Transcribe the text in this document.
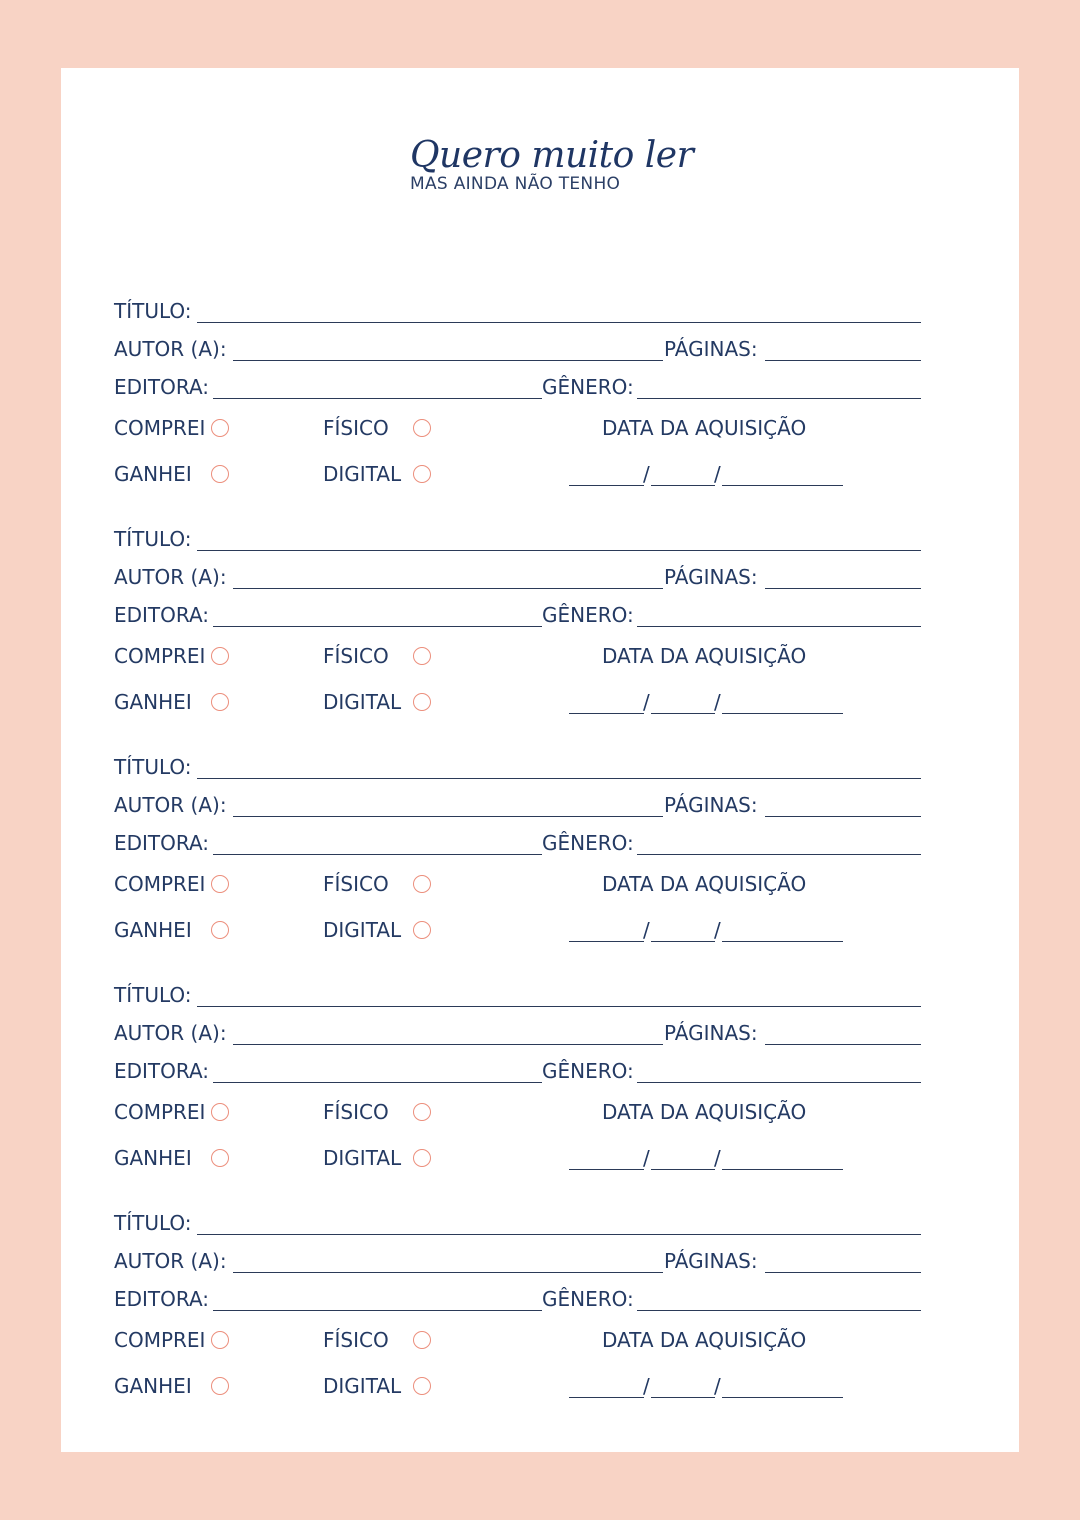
Quero muito ler
MAS AINDA NÃO TENHO
TÍTULO:
AUTOR (A):	PÁGINAS:
EDITORA:	GÊNERO:
COMPREI	FÍSICO	DATA DA AQUISIÇÃO
GANHEI	DIGITAL	/	/
TÍTULO:
AUTOR (A):	PÁGINAS:
EDITORA:	GÊNERO:
COMPREI	FÍSICO	DATA DA AQUISIÇÃO
GANHEI	DIGITAL	/	/
TÍTULO:
AUTOR (A):	PÁGINAS:
EDITORA:	GÊNERO:
COMPREI	FÍSICO	DATA DA AQUISIÇÃO
GANHEI	DIGITAL	/	/
TÍTULO:
AUTOR (A):	PÁGINAS:
EDITORA:	GÊNERO:
COMPREI	FÍSICO	DATA DA AQUISIÇÃO
GANHEI	DIGITAL	/	/
TÍTULO:
AUTOR (A):	PÁGINAS:
EDITORA:	GÊNERO:
COMPREI	FÍSICO	DATA DA AQUISIÇÃO
GANHEI	DIGITAL	/	/
